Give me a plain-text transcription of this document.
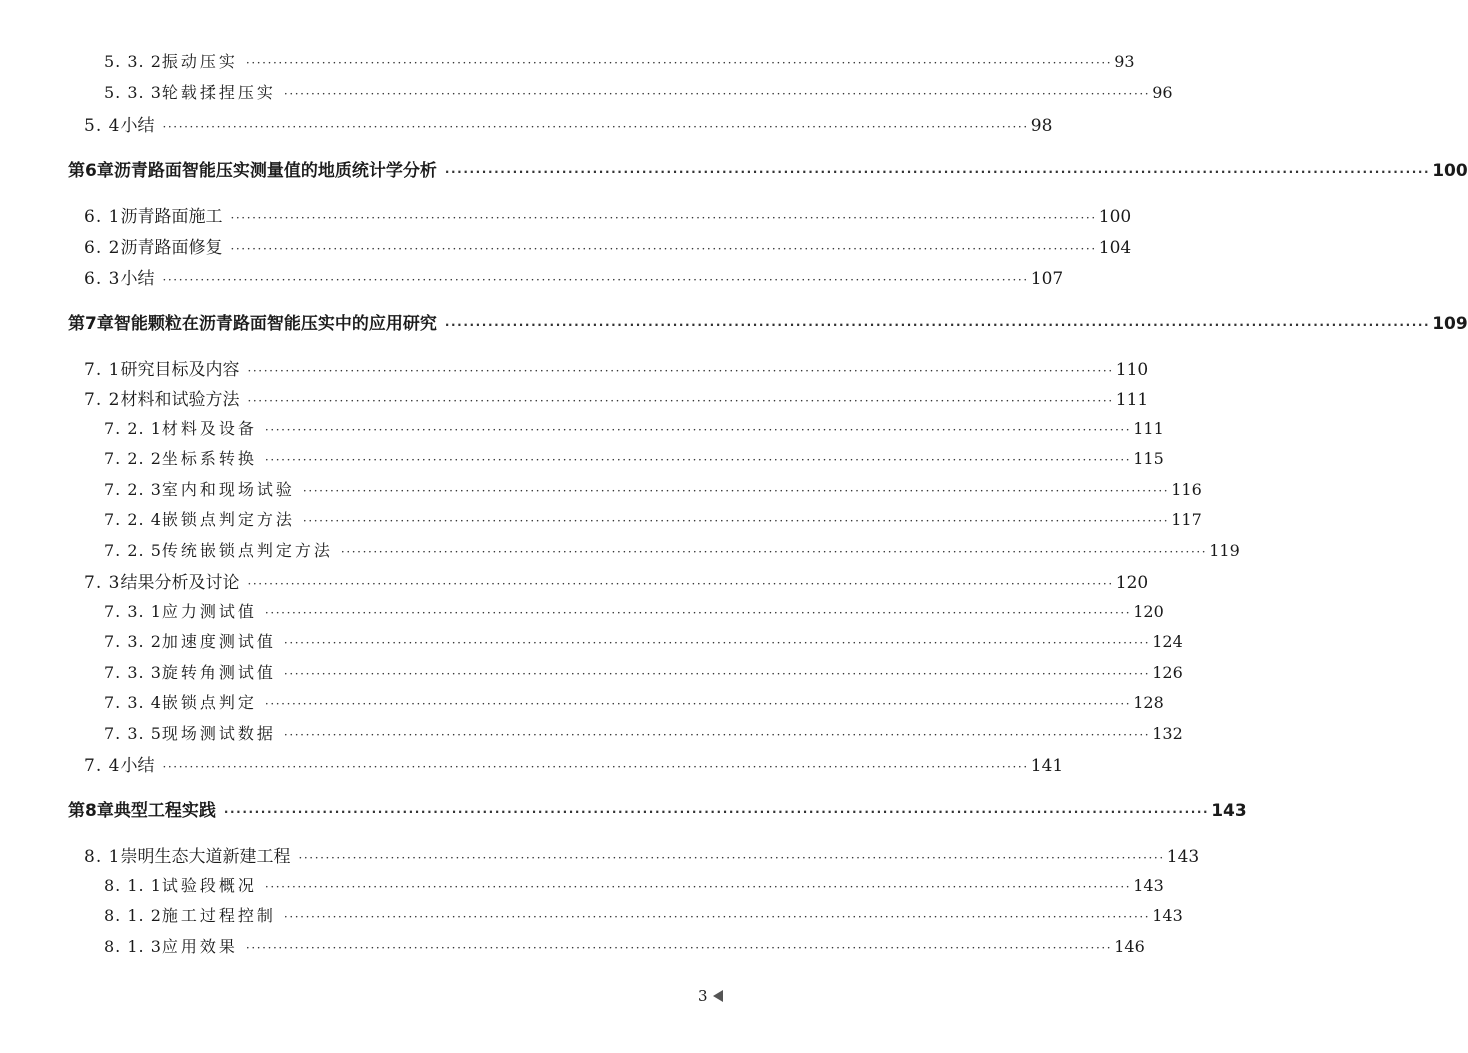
5. 3. 2 振动压实 ································································································································································ 93
5. 3. 3 轮载揉捏压实 ································································································································································ 96
5. 4 小结 ································································································································································ 98
第6章 沥青路面智能压实测量值的地质统计学分析 ································································································································································ 100
6. 1 沥青路面施工 ································································································································································ 100
6. 2 沥青路面修复 ································································································································································ 104
6. 3 小结 ································································································································································ 107
第7章 智能颗粒在沥青路面智能压实中的应用研究 ································································································································································ 109
7. 1 研究目标及内容 ································································································································································ 110
7. 2 材料和试验方法 ································································································································································ 111
7. 2. 1 材料及设备 ································································································································································ 111
7. 2. 2 坐标系转换 ································································································································································ 115
7. 2. 3 室内和现场试验 ································································································································································ 116
7. 2. 4 嵌锁点判定方法 ································································································································································ 117
7. 2. 5 传统嵌锁点判定方法 ································································································································································ 119
7. 3 结果分析及讨论 ································································································································································ 120
7. 3. 1 应力测试值 ································································································································································ 120
7. 3. 2 加速度测试值 ································································································································································ 124
7. 3. 3 旋转角测试值 ································································································································································ 126
7. 3. 4 嵌锁点判定 ································································································································································ 128
7. 3. 5 现场测试数据 ································································································································································ 132
7. 4 小结 ································································································································································ 141
第8章 典型工程实践 ································································································································································ 143
8. 1 崇明生态大道新建工程 ································································································································································ 143
8. 1. 1 试验段概况 ································································································································································ 143
8. 1. 2 施工过程控制 ································································································································································ 143
8. 1. 3 应用效果 ································································································································································ 146
3
